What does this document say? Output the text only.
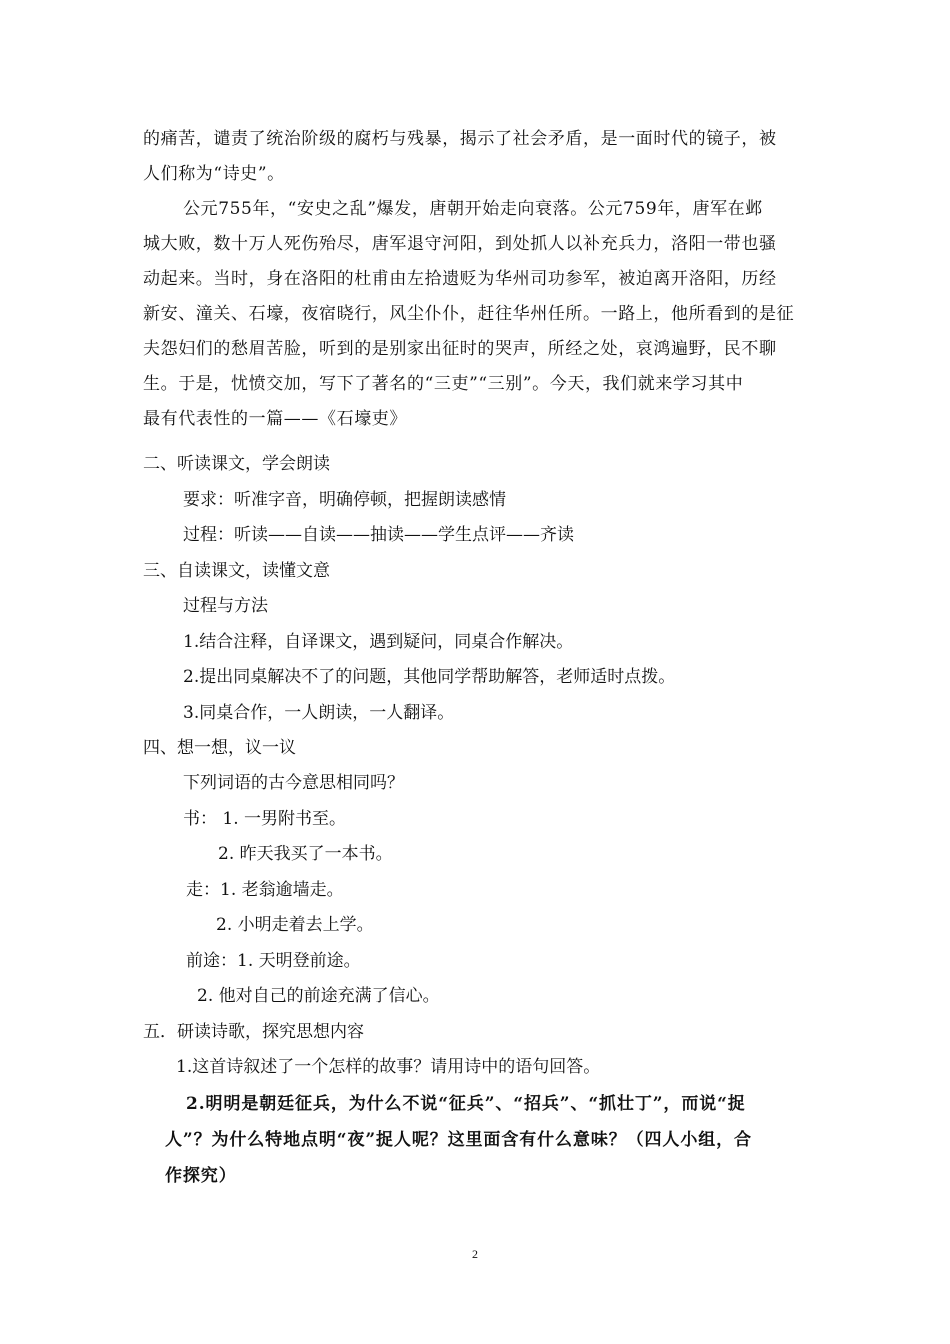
的痛苦，谴责了统治阶级的腐朽与残暴，揭示了社会矛盾，是一面时代的镜子，被
人们称为“诗史”。
公元755年，“安史之乱”爆发，唐朝开始走向衰落。公元759年，唐军在邺
城大败，数十万人死伤殆尽，唐军退守河阳，到处抓人以补充兵力，洛阳一带也骚
动起来。当时，身在洛阳的杜甫由左拾遗贬为华州司功参军，被迫离开洛阳，历经
新安、潼关、石壕，夜宿晓行，风尘仆仆，赶往华州任所。一路上，他所看到的是征
夫怨妇们的愁眉苦脸，听到的是别家出征时的哭声，所经之处，哀鸿遍野，民不聊
生。于是，忧愤交加，写下了著名的“三吏”“三别”。今天，我们就来学习其中
最有代表性的一篇——《石壕吏》
二、听读课文，学会朗读
要求：听准字音，明确停顿，把握朗读感情
过程：听读——自读——抽读——学生点评——齐读
三、自读课文，读懂文意
过程与方法
1.结合注释，自译课文，遇到疑问，同桌合作解决。
2.提出同桌解决不了的问题，其他同学帮助解答，老师适时点拨。
3.同桌合作，一人朗读，一人翻译。
四、想一想，议一议
下列词语的古今意思相同吗？
书： 1. 一男附书至。
2. 昨天我买了一本书。
走：1. 老翁逾墙走。
2. 小明走着去上学。
前途：1. 天明登前途。
2. 他对自己的前途充满了信心。
五．研读诗歌，探究思想内容
1.这首诗叙述了一个怎样的故事？请用诗中的语句回答。
2.明明是朝廷征兵，为什么不说“征兵”、“招兵”、“抓壮丁”，而说“捉
人”？为什么特地点明“夜”捉人呢？这里面含有什么意味？（四人小组，合
作探究）
2
